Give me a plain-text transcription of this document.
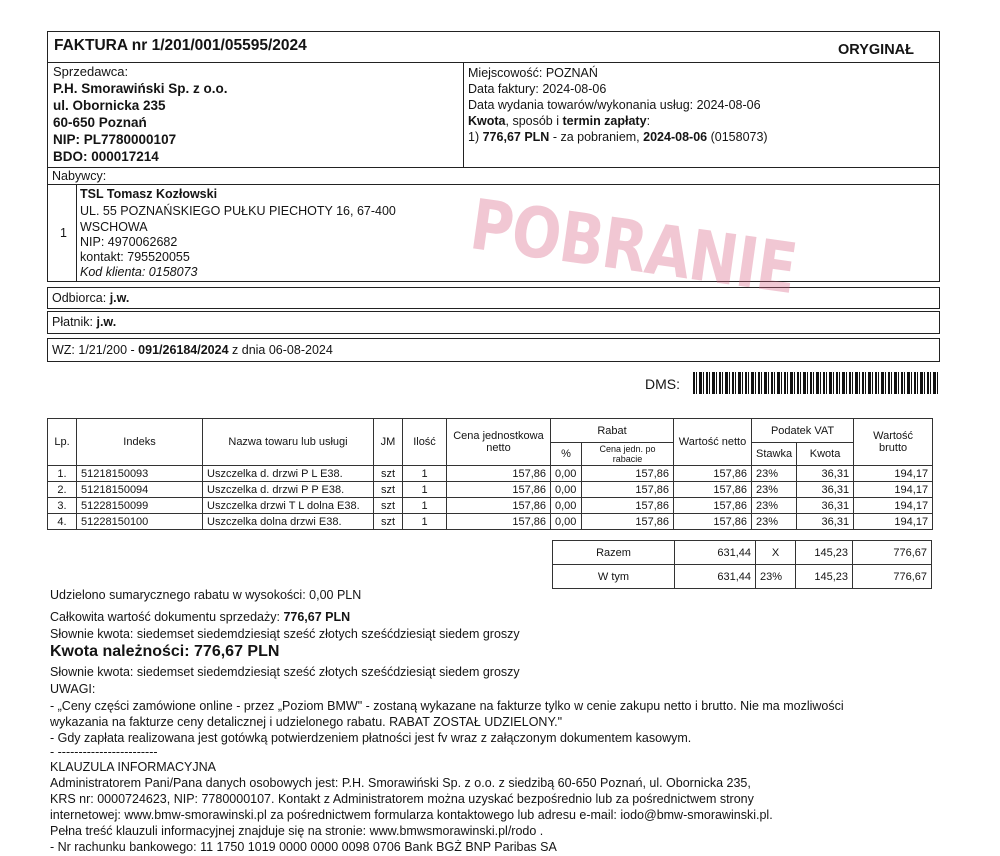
FAKTURA nr 1/201/001/05595/2024	ORYGINAŁ
Sprzedawca:
P.H. Smorawiński Sp. z o.o.
ul. Obornicka 235
60-650 Poznań
NIP: PL7780000107
BDO: 000017214
Miejscowość: POZNAŃ
Data faktury: 2024-08-06
Data wydania towarów/wykonania usług: 2024-08-06
Kwota, sposób i termin zapłaty:
1) 776,67 PLN - za pobraniem, 2024-08-06 (0158073)
Nabywcy:
1
TSL Tomasz Kozłowski
UL. 55 POZNAŃSKIEGO PUŁKU PIECHOTY 16, 67-400
WSCHOWA
NIP: 4970062682
kontakt: 795520055
Kod klienta: 0158073
Odbiorca: j.w.
Płatnik: j.w.
WZ: 1/21/200 - 091/26184/2024 z dnia 06-08-2024
POBRANIE
DMS:
Lp.	Indeks	Nazwa towaru lub usługi	JM	Ilość	Cena jednostkowa netto	Rabat		Wartość netto	Podatek VAT		Wartość brutto
						%	Cena jedn. po rabacie		Stawka	Kwota	
1.	51218150093	Uszczelka d. drzwi P L E38.	szt	1	157,86	0,00	157,86	157,86	23%	36,31	194,17
2.	51218150094	Uszczelka d. drzwi P P E38.	szt	1	157,86	0,00	157,86	157,86	23%	36,31	194,17
3.	51228150099	Uszczelka drzwi T L dolna E38.	szt	1	157,86	0,00	157,86	157,86	23%	36,31	194,17
4.	51228150100	Uszczelka dolna drzwi E38.	szt	1	157,86	0,00	157,86	157,86	23%	36,31	194,17
Razem	631,44	X	145,23	776,67
W tym	631,44	23%	145,23	776,67
Udzielono sumarycznego rabatu w wysokości: 0,00 PLN
Całkowita wartość dokumentu sprzedaży: 776,67 PLN
Słownie kwota: siedemset siedemdziesiąt sześć złotych sześćdziesiąt siedem groszy
Kwota należności: 776,67 PLN
Słownie kwota: siedemset siedemdziesiąt sześć złotych sześćdziesiąt siedem groszy
UWAGI:
- „Ceny części zamówione online - przez „Poziom BMW" - zostaną wykazane na fakturze tylko w cenie zakupu netto i brutto. Nie ma mozliwości
wykazania na fakturze ceny detalicznej i udzielonego rabatu. RABAT ZOSTAŁ UDZIELONY."
- Gdy zapłata realizowana jest gotówką potwierdzeniem płatności jest fv wraz z załączonym dokumentem kasowym.
- ------------------------
KLAUZULA INFORMACYJNA
Administratorem Pani/Pana danych osobowych jest: P.H. Smorawiński Sp. z o.o. z siedzibą 60-650 Poznań, ul. Obornicka 235,
KRS nr: 0000724623, NIP: 7780000107. Kontakt z Administratorem można uzyskać bezpośrednio lub za pośrednictwem strony
internetowej: www.bmw-smorawinski.pl za pośrednictwem formularza kontaktowego lub adresu e-mail: iodo@bmw-smorawinski.pl.
Pełna treść klauzuli informacyjnej znajduje się na stronie: www.bmwsmorawinski.pl/rodo .
- Nr rachunku bankowego: 11 1750 1019 0000 0000 0098 0706 Bank BGŻ BNP Paribas SA
